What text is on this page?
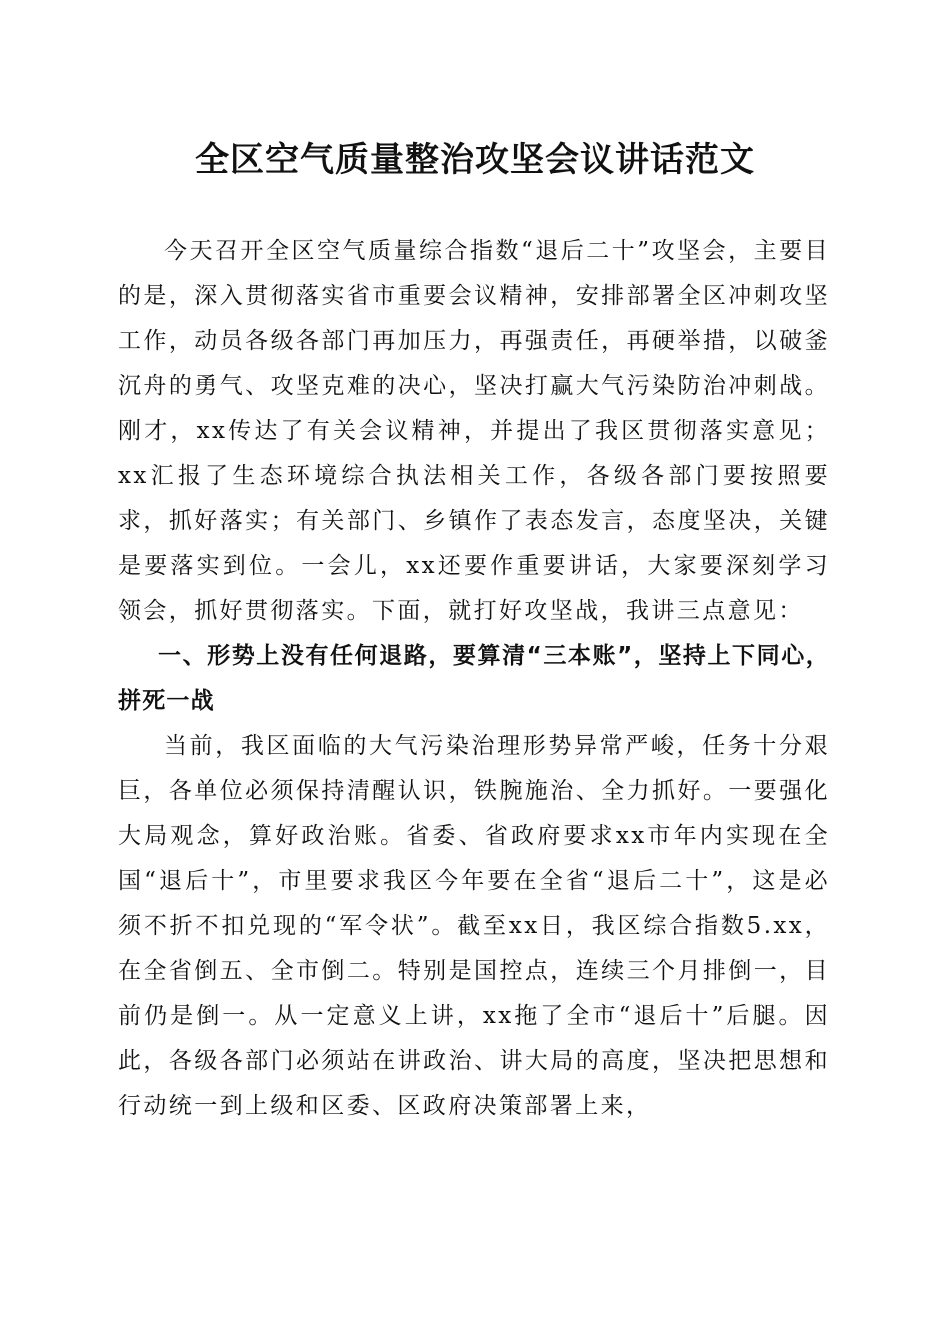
全区空气质量整治攻坚会议讲话范文

今天召开全区空气质量综合指数“退后二十”攻坚会，主要目的是，深入贯彻落实省市重要会议精神，安排部署全区冲刺攻坚工作，动员各级各部门再加压力，再强责任，再硬举措，以破釜沉舟的勇气、攻坚克难的决心，坚决打赢大气污染防治冲刺战。刚才，xx传达了有关会议精神，并提出了我区贯彻落实意见；xx汇报了生态环境综合执法相关工作，各级各部门要按照要求，抓好落实；有关部门、乡镇作了表态发言，态度坚决，关键是要落实到位。一会儿，xx还要作重要讲话，大家要深刻学习领会，抓好贯彻落实。下面，就打好攻坚战，我讲三点意见：

一、形势上没有任何退路，要算清“三本账”，坚持上下同心，拼死一战

当前，我区面临的大气污染治理形势异常严峻，任务十分艰巨，各单位必须保持清醒认识，铁腕施治、全力抓好。一要强化大局观念，算好政治账。省委、省政府要求xx市年内实现在全国“退后十”，市里要求我区今年要在全省“退后二十”，这是必须不折不扣兑现的“军令状”。截至xx日，我区综合指数5.xx，在全省倒五、全市倒二。特别是国控点，连续三个月排倒一，目前仍是倒一。从一定意义上讲，xx拖了全市“退后十”后腿。因此，各级各部门必须站在讲政治、讲大局的高度，坚决把思想和行动统一到上级和区委、区政府决策部署上来，
